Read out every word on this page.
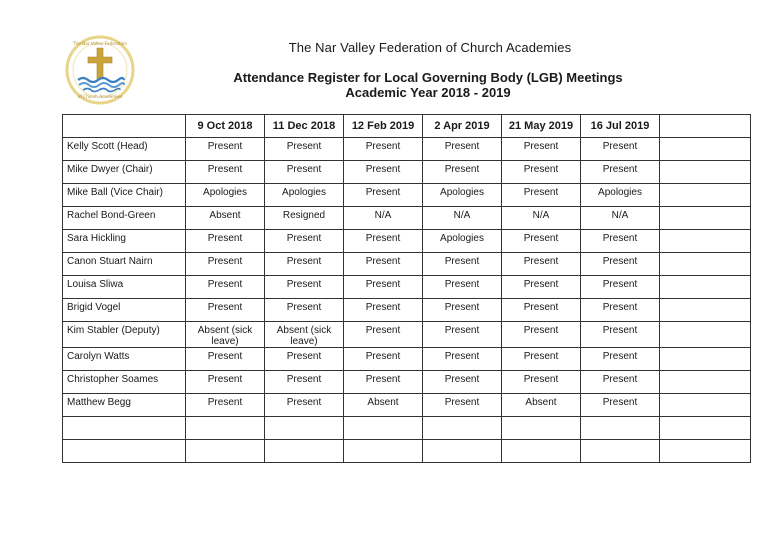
The Nar Valley Federation
of Church Academies
The Nar Valley Federation of Church Academies
Attendance Register for Local Governing Body (LGB) Meetings
Academic Year 2018 - 2019
	9 Oct 2018	11 Dec 2018	12 Feb 2019	2 Apr 2019	21 May 2019	16 Jul 2019	
Kelly Scott (Head)	Present	Present	Present	Present	Present	Present	
Mike Dwyer (Chair)	Present	Present	Present	Present	Present	Present	
Mike Ball (Vice Chair)	Apologies	Apologies	Present	Apologies	Present	Apologies	
Rachel Bond-Green	Absent	Resigned	N/A	N/A	N/A	N/A	
Sara Hickling	Present	Present	Present	Apologies	Present	Present	
Canon Stuart Nairn	Present	Present	Present	Present	Present	Present	
Louisa Sliwa	Present	Present	Present	Present	Present	Present	
Brigid Vogel	Present	Present	Present	Present	Present	Present	
Kim Stabler (Deputy)	Absent (sick leave)	Absent (sick leave)	Present	Present	Present	Present	
Carolyn Watts	Present	Present	Present	Present	Present	Present	
Christopher Soames	Present	Present	Present	Present	Present	Present	
Matthew Begg	Present	Present	Absent	Present	Absent	Present	
